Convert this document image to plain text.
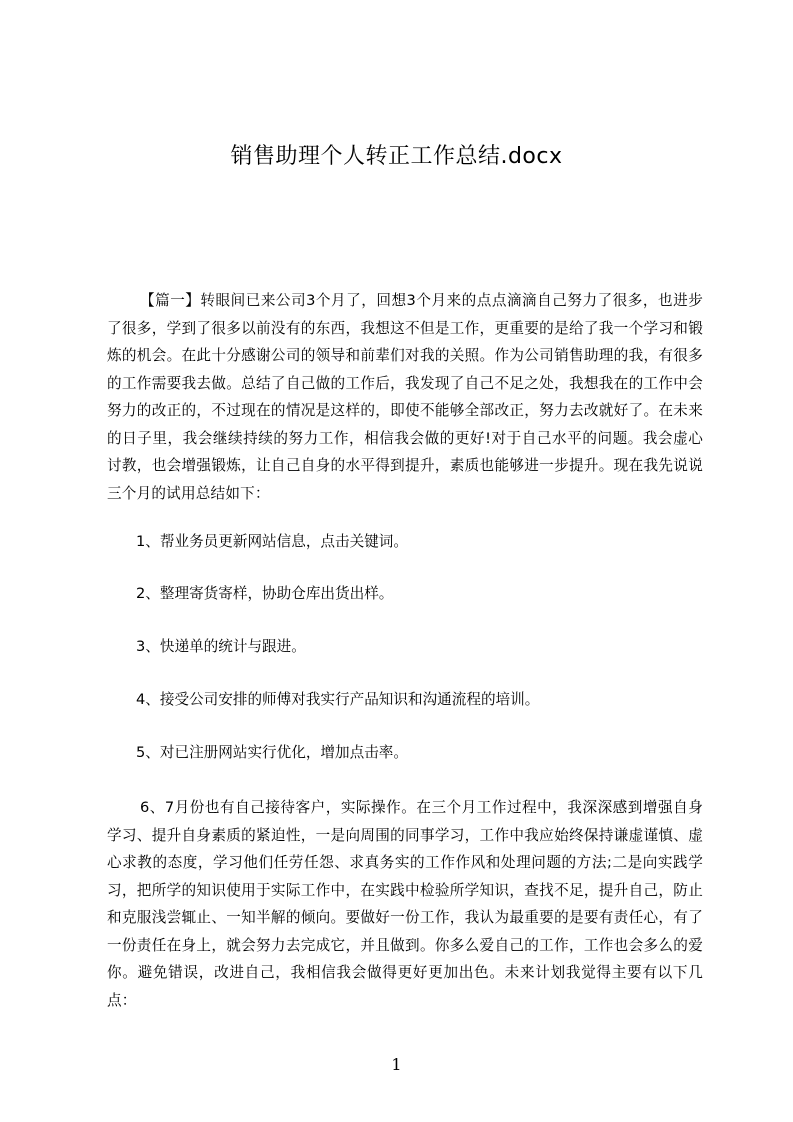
销售助理个人转正工作总结.docx

【篇一】转眼间已来公司3个月了，回想3个月来的点点滴滴自己努力了很多，也进步了很多，学到了很多以前没有的东西，我想这不但是工作，更重要的是给了我一个学习和锻炼的机会。在此十分感谢公司的领导和前辈们对我的关照。作为公司销售助理的我，有很多的工作需要我去做。总结了自己做的工作后，我发现了自己不足之处，我想我在的工作中会努力的改正的，不过现在的情况是这样的，即使不能够全部改正，努力去改就好了。在未来的日子里，我会继续持续的努力工作，相信我会做的更好!对于自己水平的问题。我会虚心讨教，也会增强锻炼，让自己自身的水平得到提升，素质也能够进一步提升。现在我先说说三个月的试用总结如下：

1、帮业务员更新网站信息，点击关键词。

2、整理寄货寄样，协助仓库出货出样。

3、快递单的统计与跟进。

4、接受公司安排的师傅对我实行产品知识和沟通流程的培训。

5、对已注册网站实行优化，增加点击率。

6、7月份也有自己接待客户，实际操作。在三个月工作过程中，我深深感到增强自身学习、提升自身素质的紧迫性，一是向周围的同事学习，工作中我应始终保持谦虚谨慎、虚心求教的态度，学习他们任劳任怨、求真务实的工作作风和处理问题的方法;二是向实践学习，把所学的知识使用于实际工作中，在实践中检验所学知识，查找不足，提升自己，防止和克服浅尝辄止、一知半解的倾向。要做好一份工作，我认为最重要的是要有责任心，有了一份责任在身上，就会努力去完成它，并且做到。你多么爱自己的工作，工作也会多么的爱你。避免错误，改进自己，我相信我会做得更好更加出色。未来计划我觉得主要有以下几点：

1
